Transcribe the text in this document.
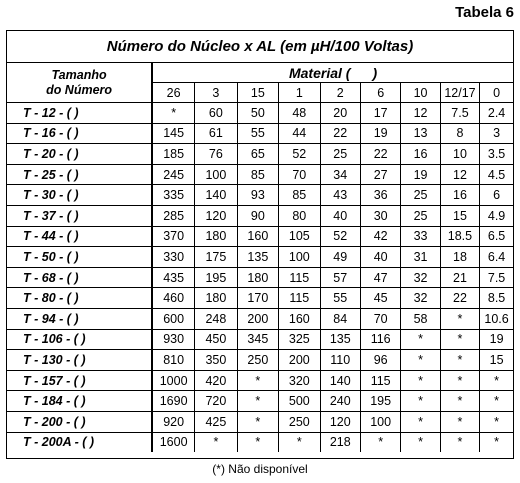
Tabela 6
Número do Núcleo x AL (em µH/100 Voltas)
Tamanho
do Número	Material ( )								
	26	3	15	1	2	6	10	12/17	0
T - 12 - ( )	*	60	50	48	20	17	12	7.5	2.4
T - 16 - ( )	145	61	55	44	22	19	13	8	3
T - 20 - ( )	185	76	65	52	25	22	16	10	3.5
T - 25 - ( )	245	100	85	70	34	27	19	12	4.5
T - 30 - ( )	335	140	93	85	43	36	25	16	6
T - 37 - ( )	285	120	90	80	40	30	25	15	4.9
T - 44 - ( )	370	180	160	105	52	42	33	18.5	6.5
T - 50 - ( )	330	175	135	100	49	40	31	18	6.4
T - 68 - ( )	435	195	180	115	57	47	32	21	7.5
T - 80 - ( )	460	180	170	115	55	45	32	22	8.5
T - 94 - ( )	600	248	200	160	84	70	58	*	10.6
T - 106 - ( )	930	450	345	325	135	116	*	*	19
T - 130 - ( )	810	350	250	200	110	96	*	*	15
T - 157 - ( )	1000	420	*	320	140	115	*	*	*
T - 184 - ( )	1690	720	*	500	240	195	*	*	*
T - 200 - ( )	920	425	*	250	120	100	*	*	*
T - 200A - ( )	1600	*	*	*	218	*	*	*	*
(*) Não disponível
